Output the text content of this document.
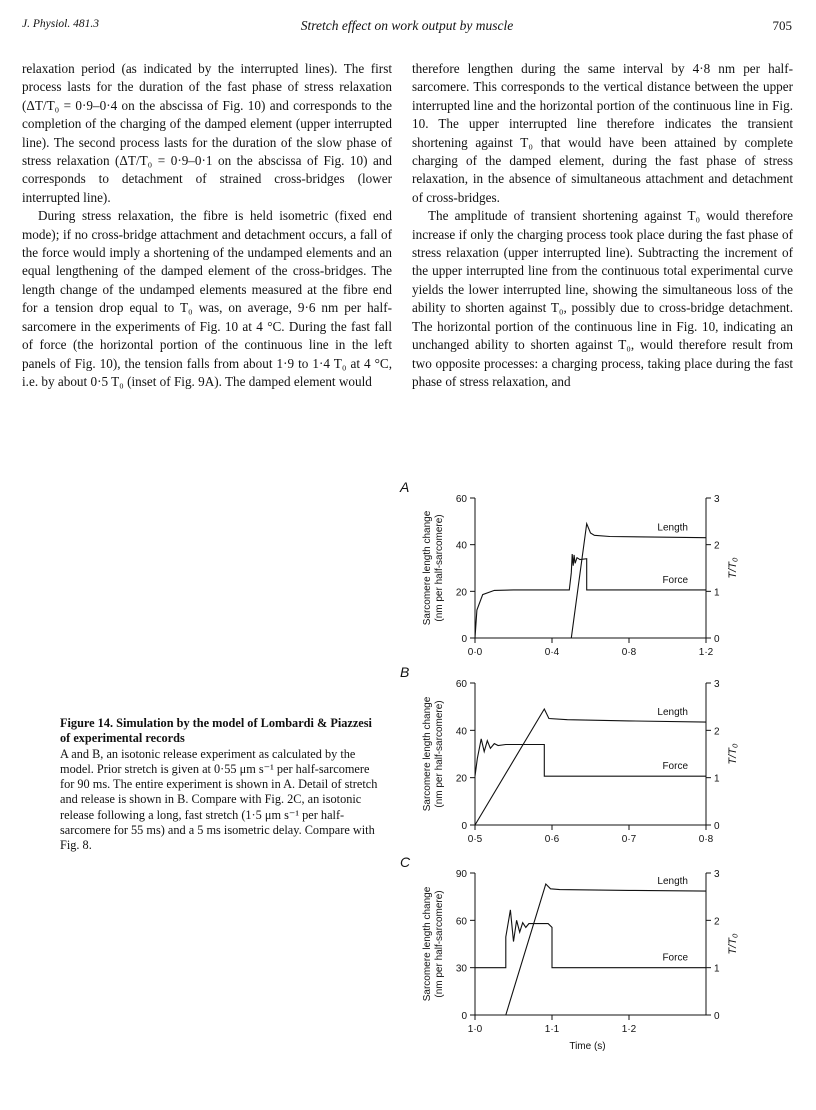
J. Physiol. 481.3	Stretch effect on work output by muscle	705

relaxation period (as indicated by the interrupted lines). The first process lasts for the duration of the fast phase of stress relaxation (ΔT/T₀ = 0·9–0·4 on the abscissa of Fig. 10) and corresponds to the completion of the charging of the damped element (upper interrupted line). The second process lasts for the duration of the slow phase of stress relaxation (ΔT/T₀ = 0·9–0·1 on the abscissa of Fig. 10) and corresponds to detachment of strained cross-bridges (lower interrupted line).

During stress relaxation, the fibre is held isometric (fixed end mode); if no cross-bridge attachment and detachment occurs, a fall of the force would imply a shortening of the undamped elements and an equal lengthening of the damped element of the cross-bridges. The length change of the undamped elements measured at the fibre end for a tension drop equal to T₀ was, on average, 9·6 nm per half-sarcomere in the experiments of Fig. 10 at 4 °C. During the fast fall of force (the horizontal portion of the continuous line in the left panels of Fig. 10), the tension falls from about 1·9 to 1·4 T₀ at 4 °C, i.e. by about 0·5 T₀ (inset of Fig. 9A). The damped element would

therefore lengthen during the same interval by 4·8 nm per half-sarcomere. This corresponds to the vertical distance between the upper interrupted line and the horizontal portion of the continuous line in Fig. 10. The upper interrupted line therefore indicates the transient shortening against T₀ that would have been attained by complete charging of the damped element, during the fast phase of stress relaxation, in the absence of simultaneous attachment and detachment of cross-bridges.

The amplitude of transient shortening against T₀ would therefore increase if only the charging process took place during the fast phase of stress relaxation (upper interrupted line). Subtracting the increment of the upper interrupted line from the continuous total experimental curve yields the lower interrupted line, showing the simultaneous loss of the ability to shorten against T₀, possibly due to cross-bridge detachment. The horizontal portion of the continuous line in Fig. 10, indicating an unchanged ability to shorten against T₀, would therefore result from two opposite processes: a charging process, taking place during the fast phase of stress relaxation, and

Figure 14. Simulation by the model of Lombardi & Piazzesi of experimental records
A and B, an isotonic release experiment as calculated by the model. Prior stretch is given at 0·55 μm s⁻¹ per half-sarcomere for 90 ms. The entire experiment is shown in A. Detail of stretch and release is shown in B. Compare with Fig. 2C, an isotonic release following a long, fast stretch (1·5 μm s⁻¹ per half-sarcomere for 55 ms) and a 5 ms isometric delay. Compare with Fig. 8.
A
0
20
40
60
0
1
2
3
0·0	0·4	0·8	1·2
Sarcomere length change(nm per half-sarcomere)	T/T₀
Length
Force
B
0
20
40
60
0
1
2
3
0·5	0·6	0·7	0·8
Sarcomere length change(nm per half-sarcomere)	T/T₀
Length
Force
C
0
30
60
90
0
1
2
3
1·0	1·1	1·2
Sarcomere length change(nm per half-sarcomere)	T/T₀
Time (s)
Length
Force
